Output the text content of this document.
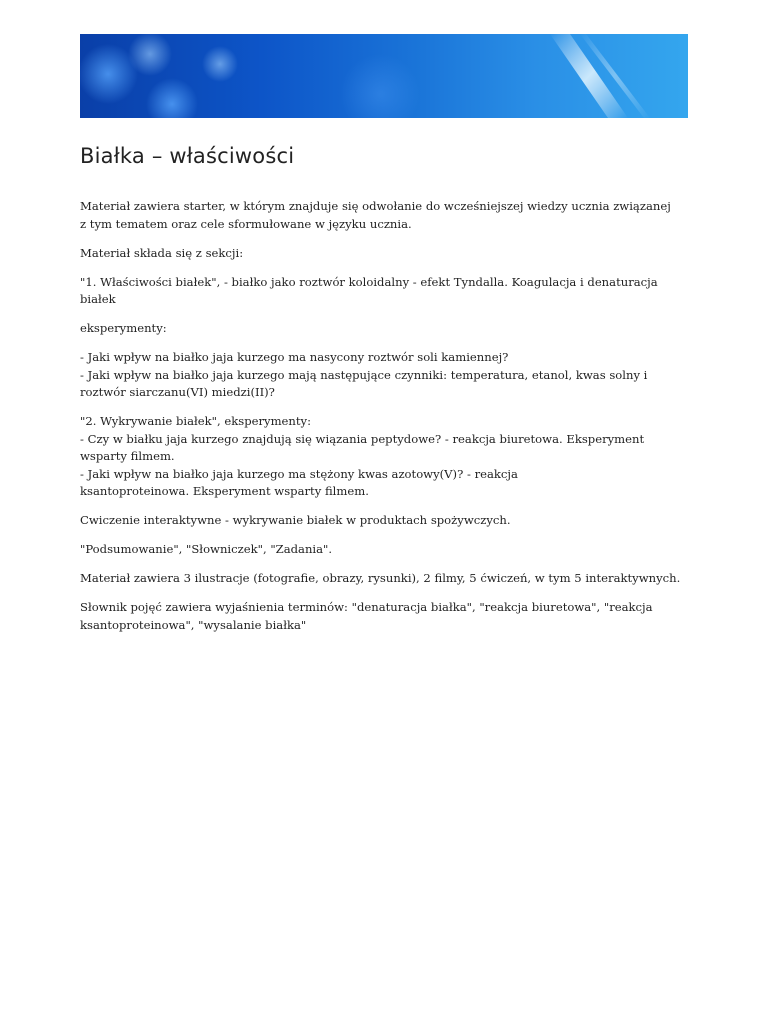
Białka – właściwości

Materiał zawiera starter, w którym znajduje się odwołanie do wcześniejszej wiedzy ucznia związanej
z tym tematem oraz cele sformułowane w języku ucznia.

Materiał składa się z sekcji:

"1. Właściwości białek", - białko jako roztwór koloidalny - efekt Tyndalla. Koagulacja i denaturacja białek

eksperymenty:

- Jaki wpływ na białko jaja kurzego ma nasycony roztwór soli kamiennej?
- Jaki wpływ na białko jaja kurzego mają następujące czynniki: temperatura, etanol, kwas solny i roztwór siarczanu(VI) miedzi(II)?

"2. Wykrywanie białek", eksperymenty:
- Czy w białku jaja kurzego znajdują się wiązania peptydowe? - reakcja biuretowa. Eksperyment wsparty filmem.
- Jaki wpływ na białko jaja kurzego ma stężony kwas azotowy(V)? - reakcja
ksantoproteinowa. Eksperyment wsparty filmem.

Cwiczenie interaktywne - wykrywanie białek w produktach spożywczych.

"Podsumowanie", "Słowniczek", "Zadania".

Materiał zawiera 3 ilustracje (fotografie, obrazy, rysunki), 2 filmy, 5 ćwiczeń, w tym 5 interaktywnych.

Słownik pojęć zawiera wyjaśnienia terminów: "denaturacja białka", "reakcja biuretowa", "reakcja ksantoproteinowa", "wysalanie białka"
